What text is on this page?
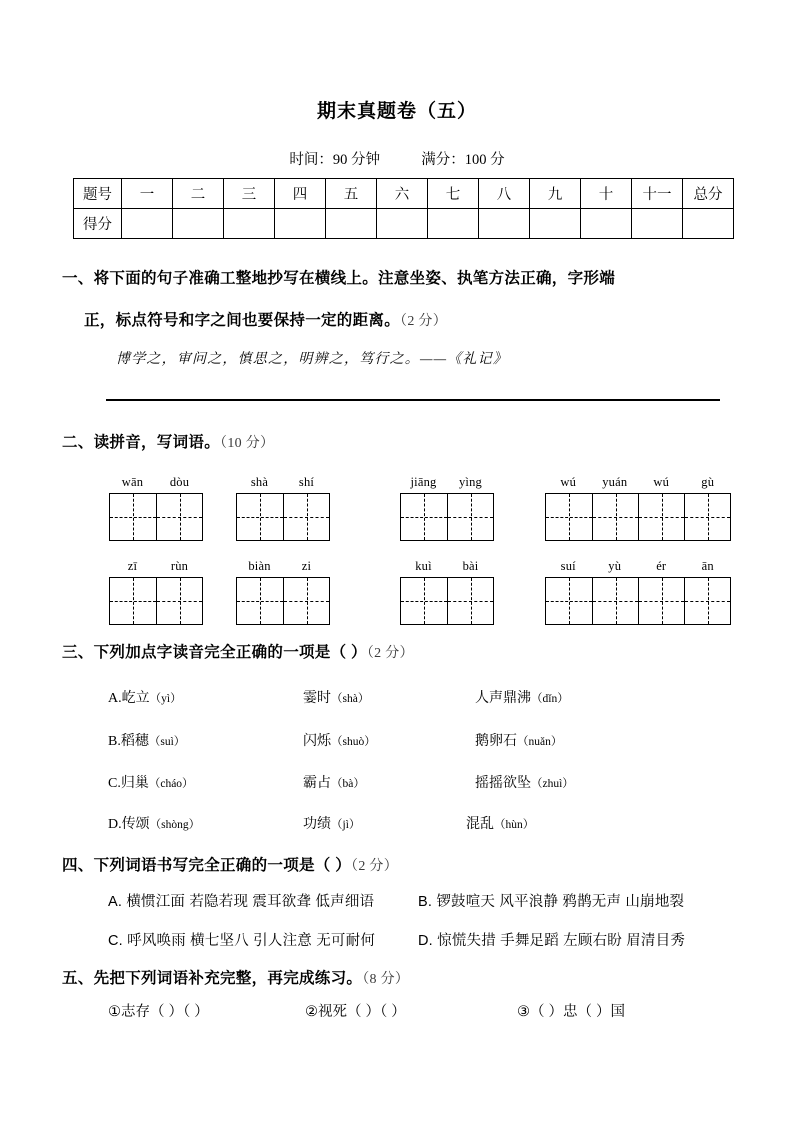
期末真题卷（五）
时间：90 分钟	满分：100 分
题号	一	二	三	四	五	六	七	八	九	十	十一	总分
得分												
一、将下面的句子准确工整地抄写在横线上。注意坐姿、执笔方法正确，字形端
正，标点符号和字之间也要保持一定的距离。（2 分）
博学之，审问之，慎思之，明辨之，笃行之。——《礼记》
二、读拼音，写词语。（10 分）
wān	dòu	shà	shí	jiāng	yìng	wú	yuán	wú	gù
zī	rùn	biàn	zi	kuì	bài	suí	yù	ér	ān
三、下列加点字读音完全正确的一项是（ ）（2 分）
A.屹立（yì）	霎时（shà）	人声鼎沸（dǐn）
B.稻穗（suì）	闪烁（shuò）	鹅卵石（nuǎn）
C.归巢（cháo）	霸占（bà）	摇摇欲坠（zhuì）
D.传颂（shòng）	功绩（jì）	混乱（hùn）
四、下列词语书写完全正确的一项是（ ）（2 分）
A. 横惯江面 若隐若现 震耳欲聋 低声细语	B. 锣鼓喧天 风平浪静 鸦鹊无声 山崩地裂
C. 呼风唤雨 横七坚八 引人注意 无可耐何	D. 惊慌失措 手舞足蹈 左顾右盼 眉清目秀
五、先把下列词语补充完整，再完成练习。（8 分）
①志存（ ）（ ）	②视死（ ）（ ）	③（ ）忠（ ）国
